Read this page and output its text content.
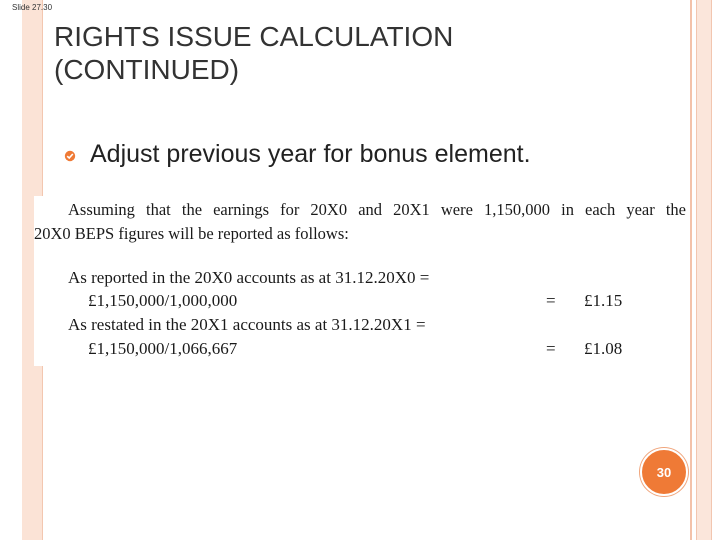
Slide 27.30
RIGHTS ISSUE CALCULATION
(CONTINUED)
Adjust previous year for bonus element.
Assuming that the earnings for 20X0 and 20X1 were 1,150,000 in each year the
20X0 BEPS figures will be reported as follows:
As reported in the 20X0 accounts as at 31.12.20X0 =
£1,150,000/1,000,000	= £1.15
As restated in the 20X1 accounts as at 31.12.20X1 =
£1,150,000/1,066,667	= £1.08
30
